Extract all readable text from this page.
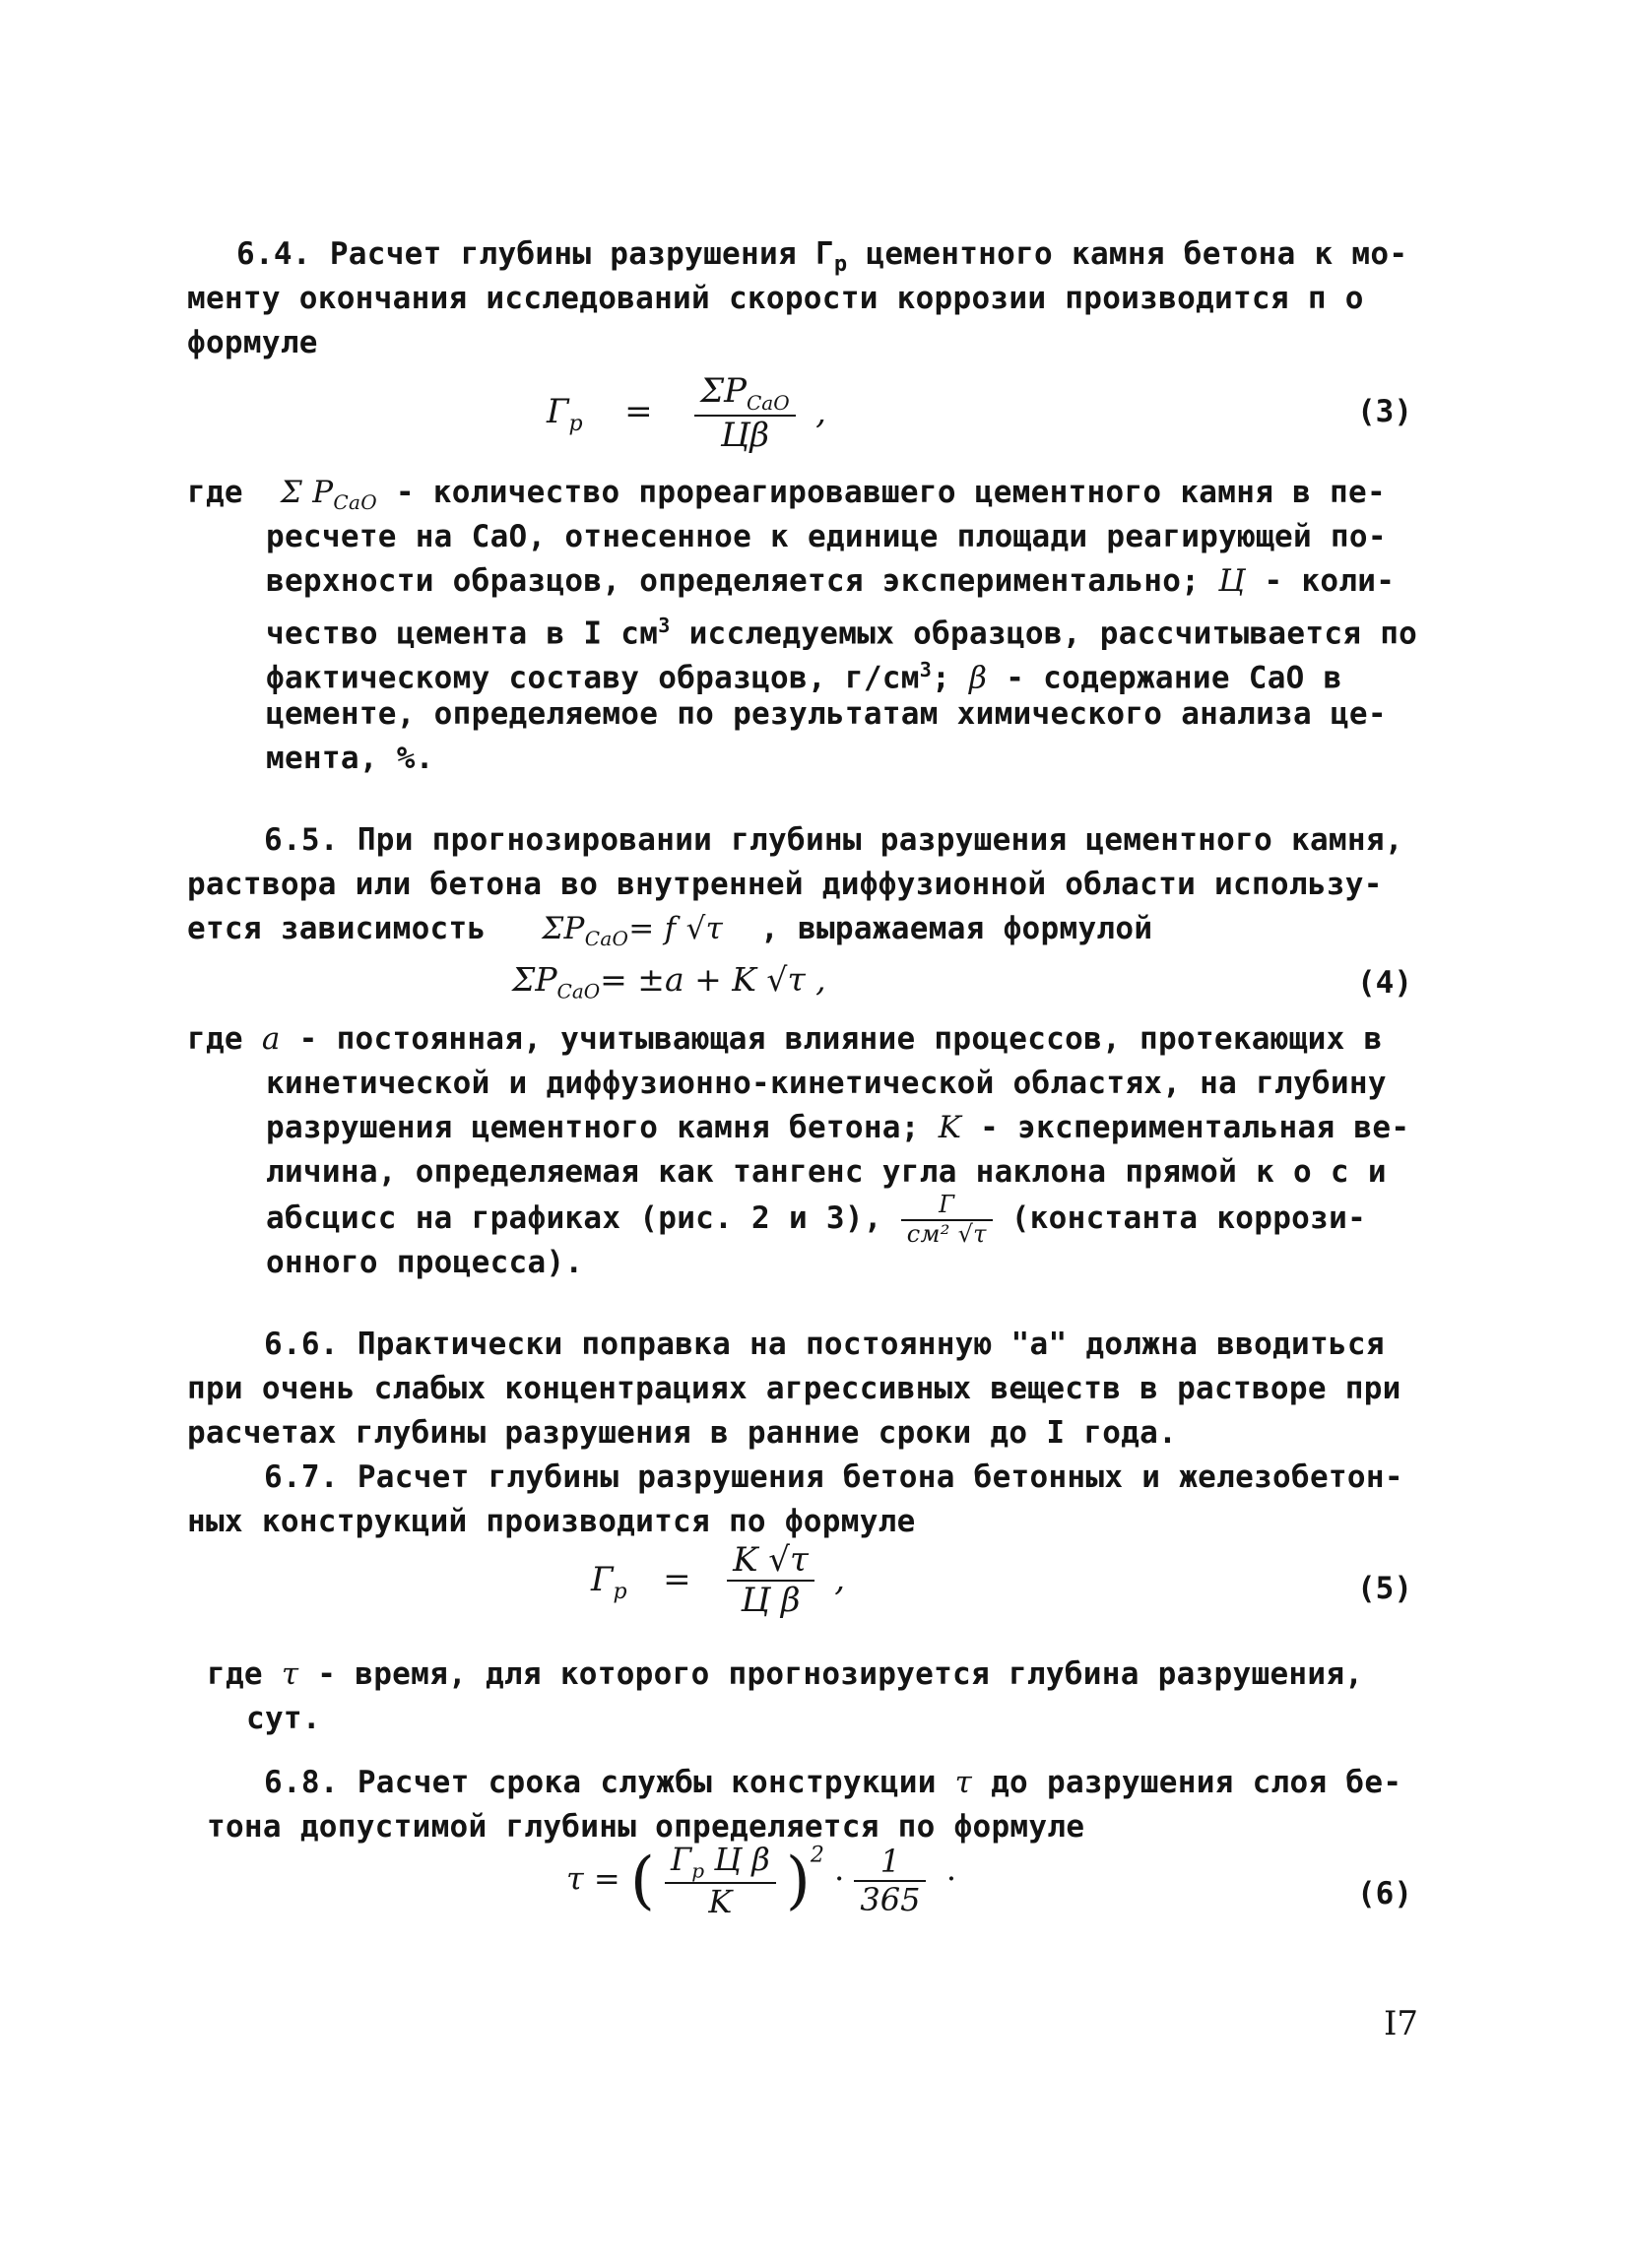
6.4. Расчет глубины разрушения $Г_р$ цементного камня бетона к мо-
менту окончания исследований скорости коррозии производится п о
формуле
$Г_р = \frac{\Sigma P_{CaO}}{Ц\beta}$ ,	(3)
где Σ $P_{CaO}$ - количество прореагировавшего цементного камня в пе-
ресчете на СаО, отнесенное к единице площади реагирующей по-
верхности образцов, определяется экспериментально; Ц - коли-
чество цемента в I $см^3$ исследуемых образцов, рассчитывается по
фактическому составу образцов, $г/см^3$; β - содержание СаО в
цементе, определяемое по результатам химического анализа це-
мента, %.
6.5. При прогнозировании глубины разрушения цементного камня,
раствора или бетона во внутренней диффузионной области использу-
ется зависимость $\Sigma P_{CaO}= f$ √τ , выражаемая формулой
$\Sigma P_{CaO}= \pm a + K$ √τ ,	(4)
где a - постоянная, учитывающая влияние процессов, протекающих в
кинетической и диффузионно-кинетической областях, на глубину
разрушения цементного камня бетона; K - экспериментальная ве-
личина, определяемая как тангенс угла наклона прямой к о с и
абсцисс на графиках (рис. 2 и 3), $\frac{Г}{\text{см² √τ}}$ (константа коррози-
онного процесса).
6.6. Практически поправка на постоянную "a" должна вводиться
при очень слабых концентрациях агрессивных веществ в растворе при
расчетах глубины разрушения в ранние сроки до I года.
6.7. Расчет глубины разрушения бетона бетонных и железобетон-
ных конструкций производится по формуле
$Г_р = \frac{K √\tau}{\text{Ц β}}$ ,	(5)
где τ - время, для которого прогнозируется глубина разрушения,
сут.
6.8. Расчет срока службы конструкции τ до разрушения слоя бе-
тона допустимой глубины определяется по формуле
τ = ( $\frac{Г_р Ц \beta}{K} )^2 \cdot \frac{1}{365}$ ·	(6)
I7
